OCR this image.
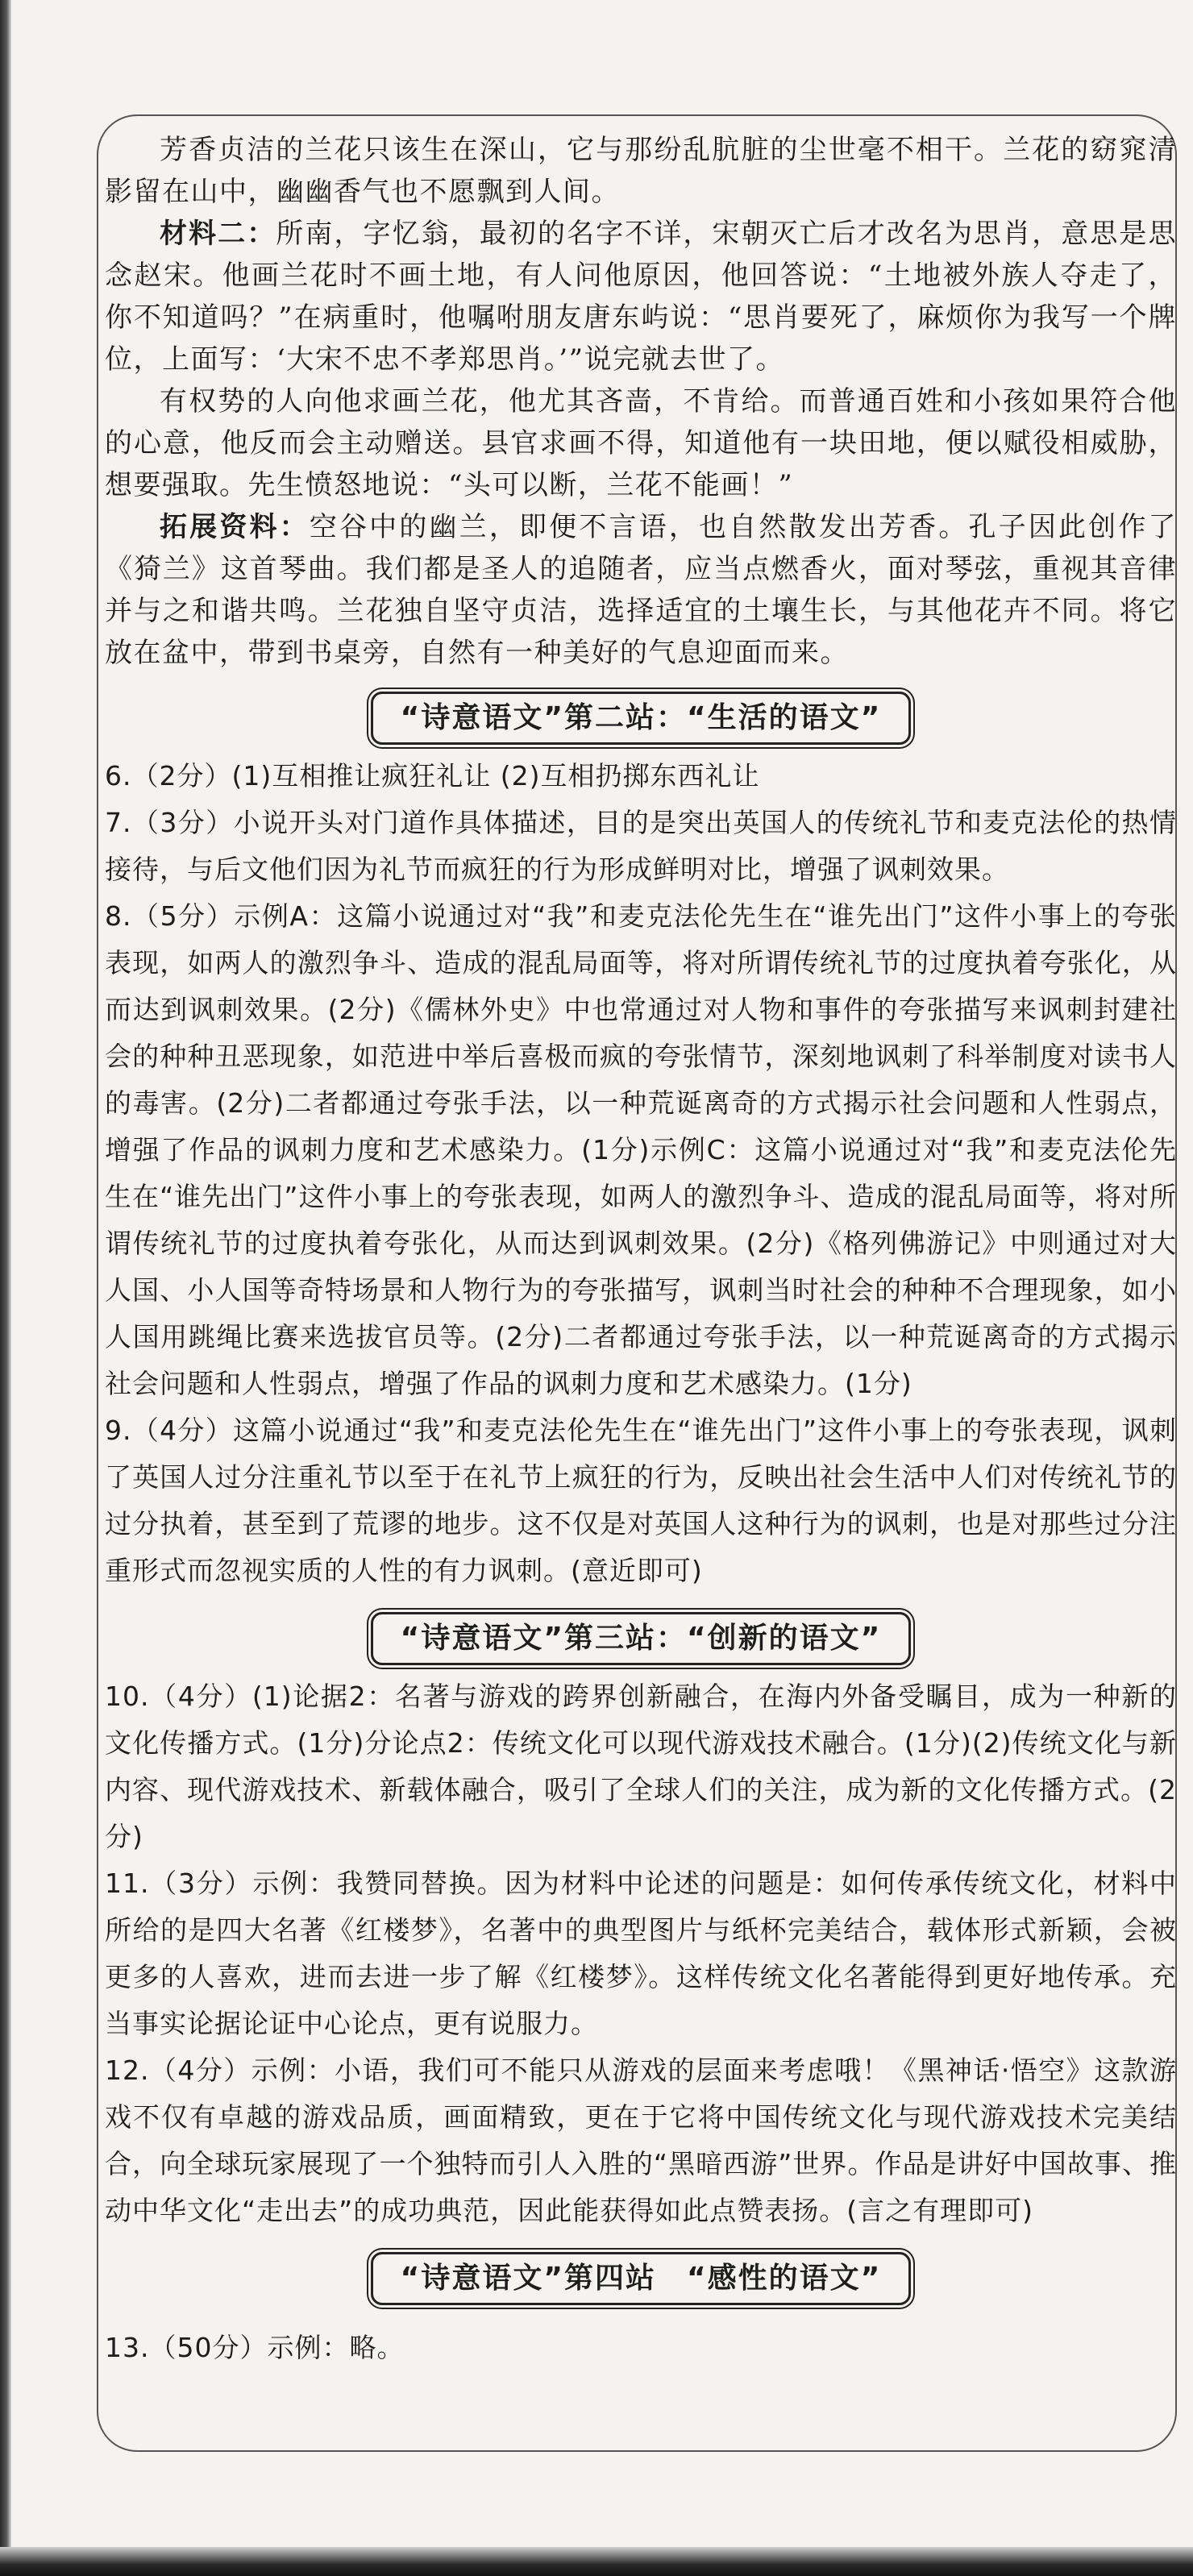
芳香贞洁的兰花只该生在深山，它与那纷乱肮脏的尘世毫不相干。兰花的窈窕清影留在山中，幽幽香气也不愿飘到人间。

材料二：所南，字忆翁，最初的名字不详，宋朝灭亡后才改名为思肖，意思是思念赵宋。他画兰花时不画土地，有人问他原因，他回答说：“土地被外族人夺走了，你不知道吗？”在病重时，他嘱咐朋友唐东屿说：“思肖要死了，麻烦你为我写一个牌位，上面写：‘大宋不忠不孝郑思肖。’”说完就去世了。

有权势的人向他求画兰花，他尤其吝啬，不肯给。而普通百姓和小孩如果符合他的心意，他反而会主动赠送。县官求画不得，知道他有一块田地，便以赋役相威胁，想要强取。先生愤怒地说：“头可以断，兰花不能画！”

拓展资料：空谷中的幽兰，即便不言语，也自然散发出芳香。孔子因此创作了《猗兰》这首琴曲。我们都是圣人的追随者，应当点燃香火，面对琴弦，重视其音律并与之和谐共鸣。兰花独自坚守贞洁，选择适宜的土壤生长，与其他花卉不同。将它放在盆中，带到书桌旁，自然有一种美好的气息迎面而来。

“诗意语文”第二站：“生活的语文”

6.（2分）(1)互相推让疯狂礼让 (2)互相扔掷东西礼让

7.（3分）小说开头对门道作具体描述，目的是突出英国人的传统礼节和麦克法伦的热情接待，与后文他们因为礼节而疯狂的行为形成鲜明对比，增强了讽刺效果。

8.（5分）示例A：这篇小说通过对“我”和麦克法伦先生在“谁先出门”这件小事上的夸张表现，如两人的激烈争斗、造成的混乱局面等，将对所谓传统礼节的过度执着夸张化，从而达到讽刺效果。(2分)《儒林外史》中也常通过对人物和事件的夸张描写来讽刺封建社会的种种丑恶现象，如范进中举后喜极而疯的夸张情节，深刻地讽刺了科举制度对读书人的毒害。(2分)二者都通过夸张手法，以一种荒诞离奇的方式揭示社会问题和人性弱点，增强了作品的讽刺力度和艺术感染力。(1分)示例C：这篇小说通过对“我”和麦克法伦先生在“谁先出门”这件小事上的夸张表现，如两人的激烈争斗、造成的混乱局面等，将对所谓传统礼节的过度执着夸张化，从而达到讽刺效果。(2分)《格列佛游记》中则通过对大人国、小人国等奇特场景和人物行为的夸张描写，讽刺当时社会的种种不合理现象，如小人国用跳绳比赛来选拔官员等。(2分)二者都通过夸张手法，以一种荒诞离奇的方式揭示社会问题和人性弱点，增强了作品的讽刺力度和艺术感染力。(1分)

9.（4分）这篇小说通过“我”和麦克法伦先生在“谁先出门”这件小事上的夸张表现，讽刺了英国人过分注重礼节以至于在礼节上疯狂的行为，反映出社会生活中人们对传统礼节的过分执着，甚至到了荒谬的地步。这不仅是对英国人这种行为的讽刺，也是对那些过分注重形式而忽视实质的人性的有力讽刺。(意近即可)

“诗意语文”第三站：“创新的语文”

10.（4分）(1)论据2：名著与游戏的跨界创新融合，在海内外备受瞩目，成为一种新的文化传播方式。(1分)分论点2：传统文化可以现代游戏技术融合。(1分)(2)传统文化与新内容、现代游戏技术、新载体融合，吸引了全球人们的关注，成为新的文化传播方式。(2分)

11.（3分）示例：我赞同替换。因为材料中论述的问题是：如何传承传统文化，材料中所给的是四大名著《红楼梦》，名著中的典型图片与纸杯完美结合，载体形式新颖，会被更多的人喜欢，进而去进一步了解《红楼梦》。这样传统文化名著能得到更好地传承。充当事实论据论证中心论点，更有说服力。

12.（4分）示例：小语，我们可不能只从游戏的层面来考虑哦！《黑神话·悟空》这款游戏不仅有卓越的游戏品质，画面精致，更在于它将中国传统文化与现代游戏技术完美结合，向全球玩家展现了一个独特而引人入胜的“黑暗西游”世界。作品是讲好中国故事、推动中华文化“走出去”的成功典范，因此能获得如此点赞表扬。(言之有理即可)

“诗意语文”第四站　“感性的语文”

13.（50分）示例：略。
